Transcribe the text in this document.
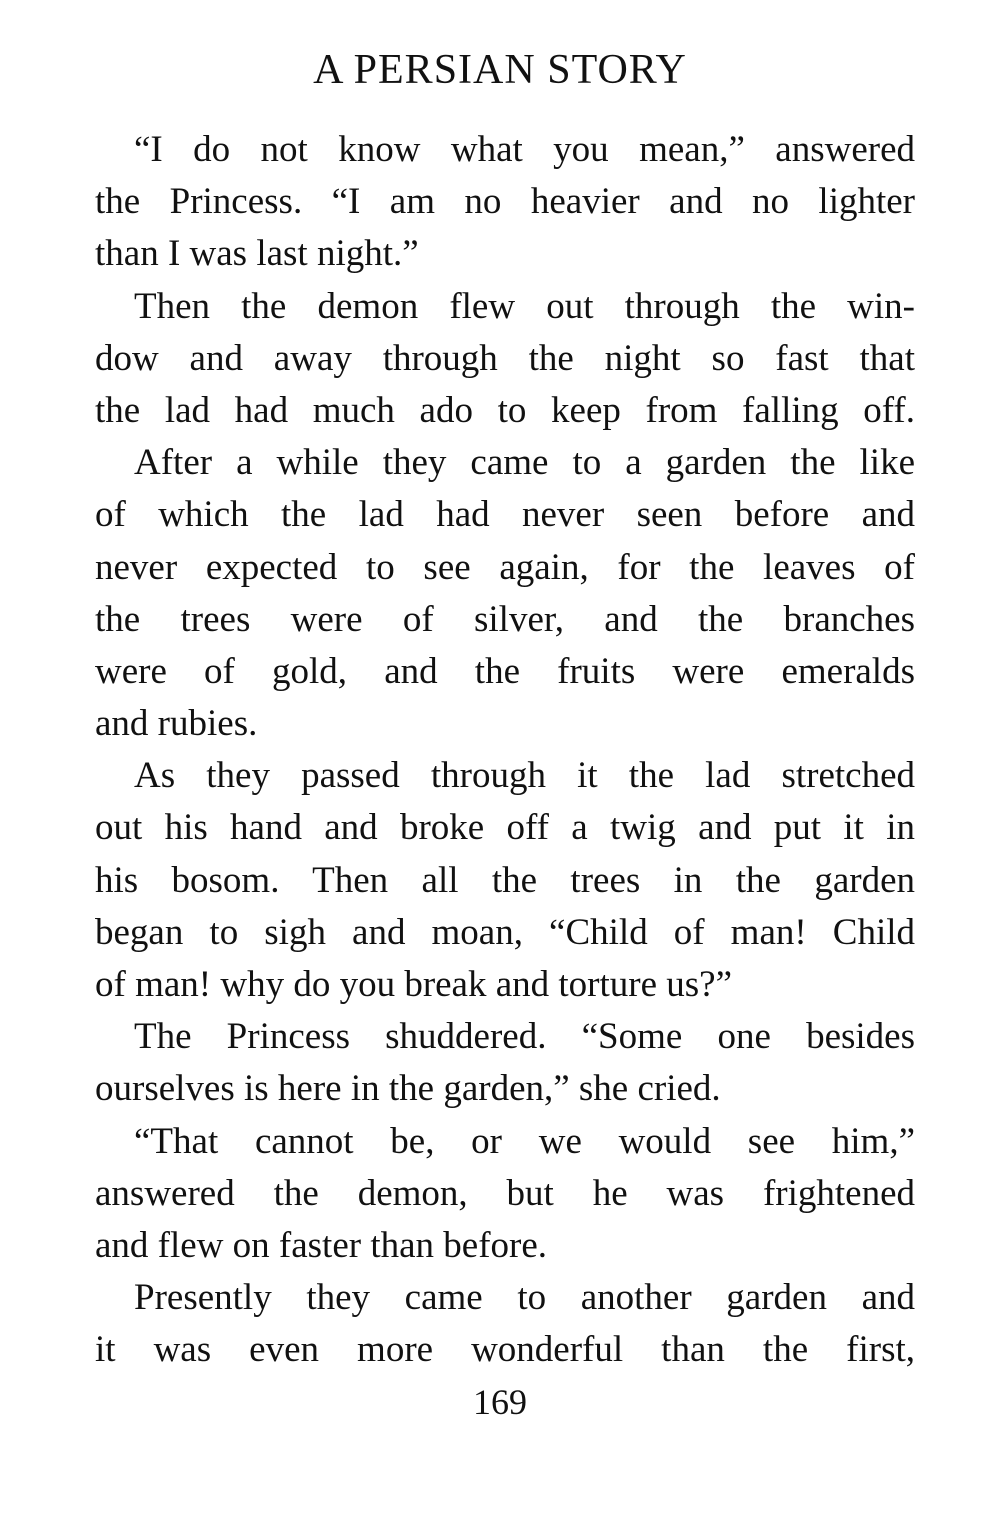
A PERSIAN STORY
“I do not know what you mean,” answered
the Princess. “I am no heavier and no lighter
than I was last night.”
Then the demon flew out through the win-
dow and away through the night so fast that
the lad had much ado to keep from falling off.
After a while they came to a garden the like
of which the lad had never seen before and
never expected to see again, for the leaves of
the trees were of silver, and the branches
were of gold, and the fruits were emeralds
and rubies.
As they passed through it the lad stretched
out his hand and broke off a twig and put it in
his bosom. Then all the trees in the garden
began to sigh and moan, “Child of man! Child
of man! why do you break and torture us?”
The Princess shuddered. “Some one besides
ourselves is here in the garden,” she cried.
“That cannot be, or we would see him,”
answered the demon, but he was frightened
and flew on faster than before.
Presently they came to another garden and
it was even more wonderful than the first,
169
